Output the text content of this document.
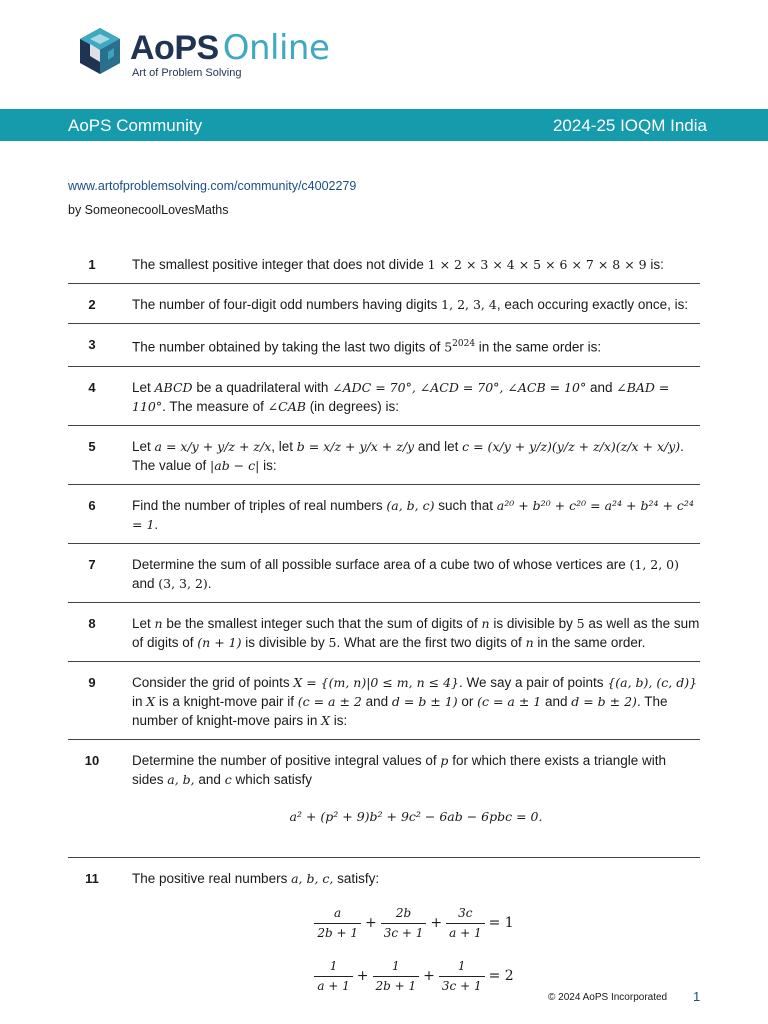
AoPS Online
Art of Problem Solving
AoPS Community	2024-25 IOQM India
www.artofproblemsolving.com/community/c4002279
by SomeonecoolLovesMaths
1	The smallest positive integer that does not divide 1 × 2 × 3 × 4 × 5 × 6 × 7 × 8 × 9 is:
2	The number of four-digit odd numbers having digits 1, 2, 3, 4, each occuring exactly once, is:
3	The number obtained by taking the last two digits of $5^{2024}$ in the same order is:
4	Let ABCD be a quadrilateral with ∠ADC = 70°, ∠ACD = 70°, ∠ACB = 10° and ∠BAD = 110°. The measure of ∠CAB (in degrees) is:
5	Let a = x/y + y/z + z/x, let b = x/z + y/x + z/y and let c = (x/y + y/z)(y/z + z/x)(z/x + x/y). The value of |ab − c| is:
6	Find the number of triples of real numbers (a, b, c) such that a²⁰ + b²⁰ + c²⁰ = a²⁴ + b²⁴ + c²⁴ = 1.
7	Determine the sum of all possible surface area of a cube two of whose vertices are (1, 2, 0) and (3, 3, 2).
8	Let n be the smallest integer such that the sum of digits of n is divisible by 5 as well as the sum of digits of (n + 1) is divisible by 5. What are the first two digits of n in the same order.
9	Consider the grid of points X = {(m, n)|0 ≤ m, n ≤ 4}. We say a pair of points {(a, b), (c, d)} in X is a knight-move pair if (c = a ± 2 and d = b ± 1) or (c = a ± 1 and d = b ± 2). The number of knight-move pairs in X is:
10	Determine the number of positive integral values of p for which there exists a triangle with sides a, b, and c which satisfy
a² + (p² + 9)b² + 9c² − 6ab − 6pbc = 0.
11	The positive real numbers a, b, c, satisfy:
$\frac{a}{2b + 1} + \frac{2b}{3c + 1} + \frac{3c}{a + 1} = 1$
$\frac{1}{a + 1} + \frac{1}{2b + 1} + \frac{1}{3c + 1} = 2$
© 2024 AoPS Incorporated 1
